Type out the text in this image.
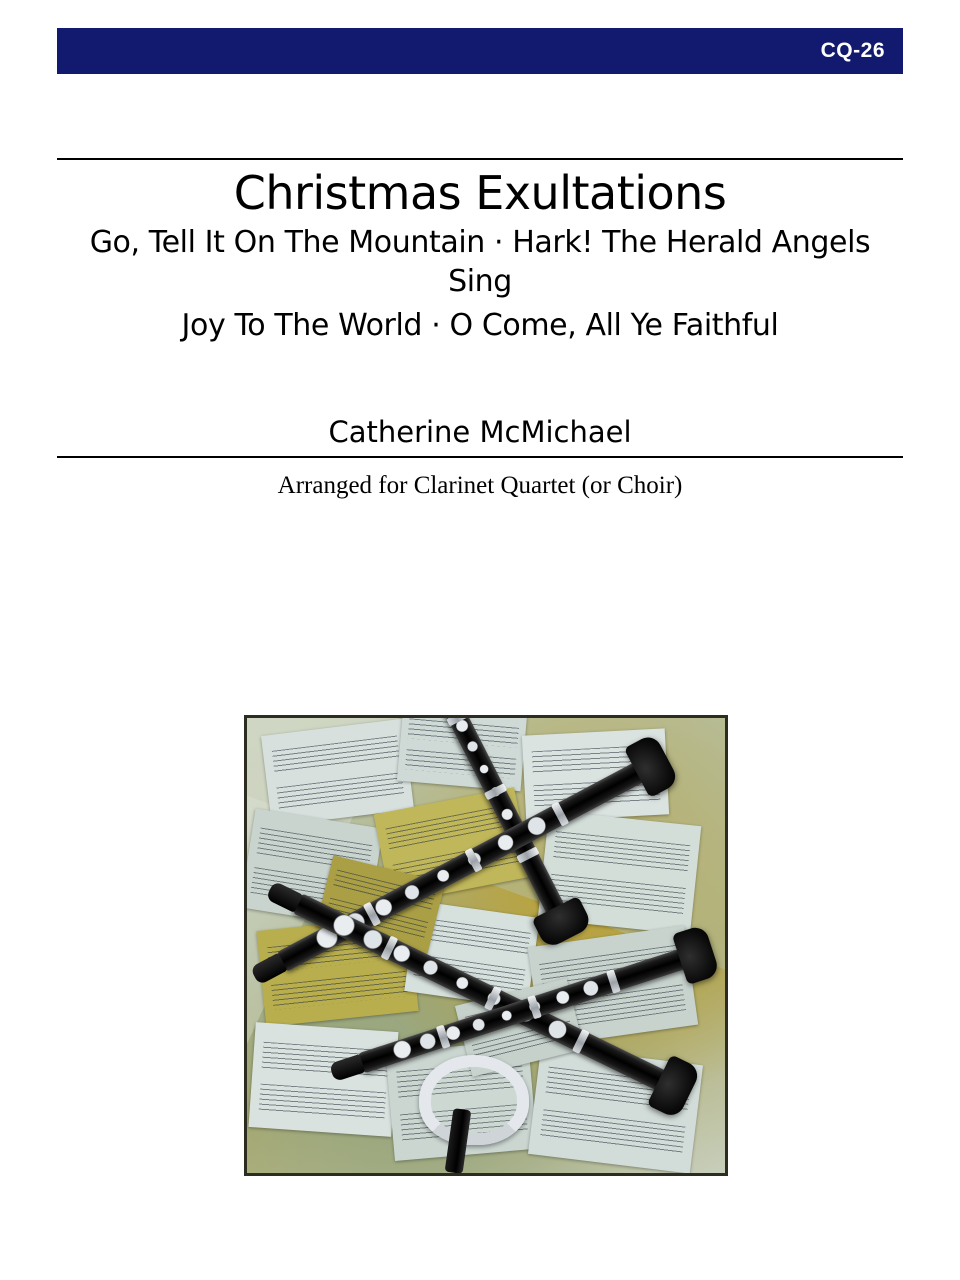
CQ-26
Christmas Exultations
Go, Tell It On The Mountain · Hark! The Herald Angels Sing
Joy To The World · O Come, All Ye Faithful
Catherine McMichael
Arranged for Clarinet Quartet (or Choir)
